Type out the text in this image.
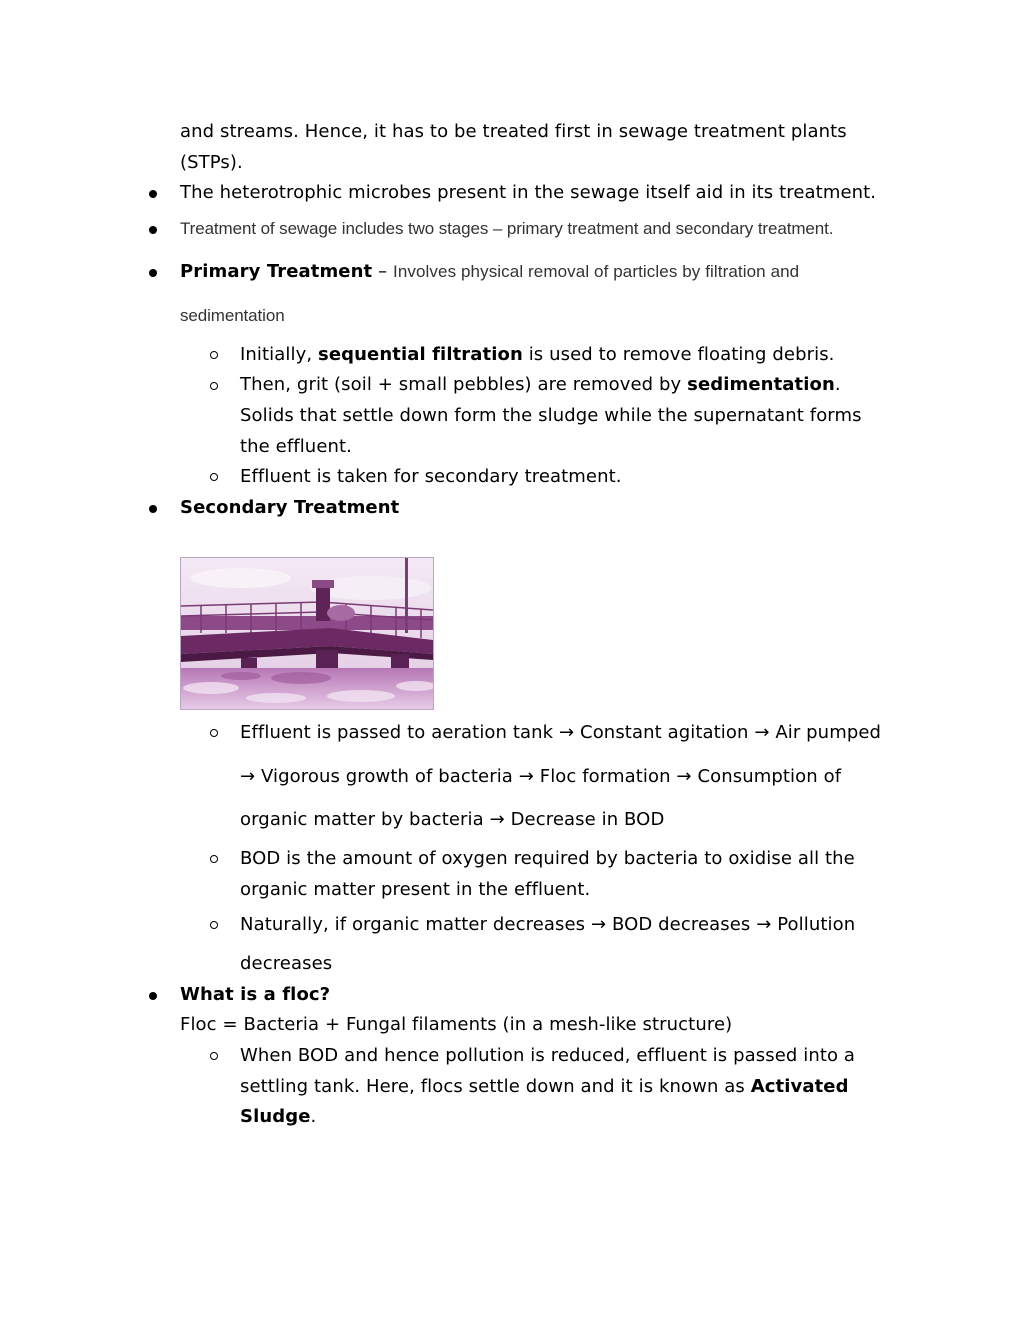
and streams. Hence, it has to be treated first in sewage treatment plants
(STPs).
The heterotrophic microbes present in the sewage itself aid in its treatment.
Treatment of sewage includes two stages – primary treatment and secondary treatment.
Primary Treatment – Involves physical removal of particles by filtration and
sedimentation
Initially, sequential filtration is used to remove floating debris.
Then, grit (soil + small pebbles) are removed by sedimentation.
Solids that settle down form the sludge while the supernatant forms
the effluent.
Effluent is taken for secondary treatment.
Secondary Treatment
Effluent is passed to aeration tank → Constant agitation → Air pumped
→ Vigorous growth of bacteria → Floc formation → Consumption of
organic matter by bacteria → Decrease in BOD
BOD is the amount of oxygen required by bacteria to oxidise all the
organic matter present in the effluent.
Naturally, if organic matter decreases → BOD decreases → Pollution
decreases
What is a floc?
Floc = Bacteria + Fungal filaments (in a mesh-like structure)
When BOD and hence pollution is reduced, effluent is passed into a
settling tank. Here, flocs settle down and it is known as Activated
Sludge.
